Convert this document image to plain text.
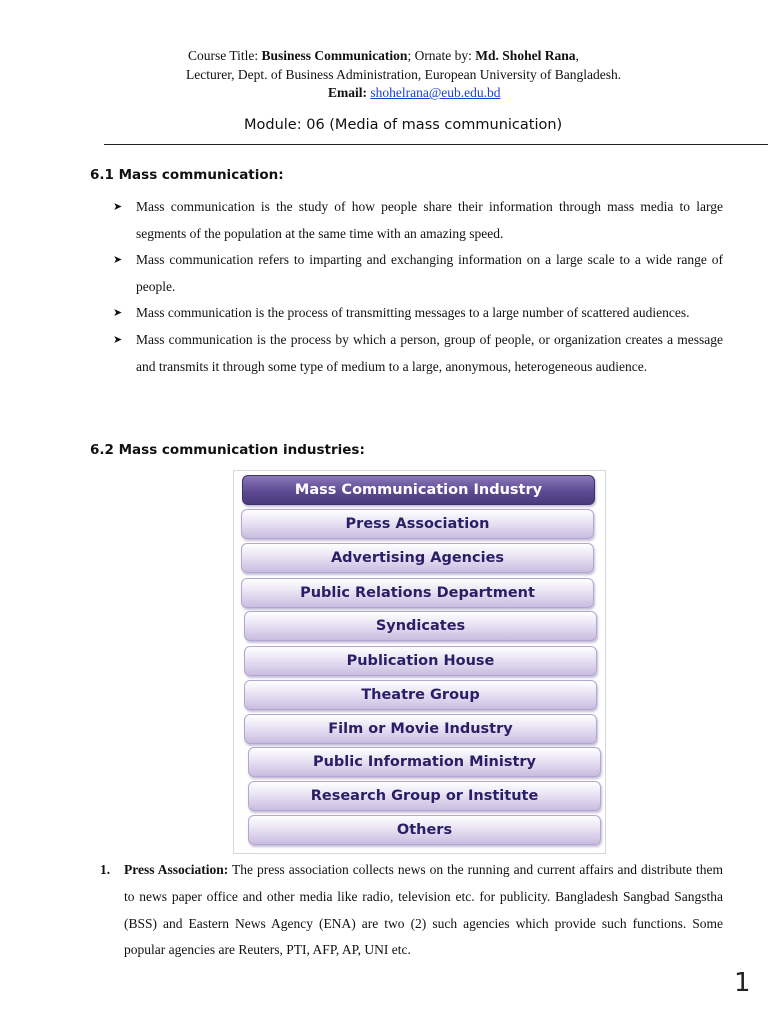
Course Title: Business Communication; Ornate by: Md. Shohel Rana,
Lecturer, Dept. of Business Administration, European University of Bangladesh.
Email: shohelrana@eub.edu.bd
Module: 06 (Media of mass communication)
6.1 Mass communication:
➤ Mass communication is the study of how people share their information through mass media to large segments of the population at the same time with an amazing speed.
➤ Mass communication refers to imparting and exchanging information on a large scale to a wide range of people.
➤ Mass communication is the process of transmitting messages to a large number of scattered audiences.
➤ Mass communication is the process by which a person, group of people, or organization creates a message and transmits it through some type of medium to a large, anonymous, heterogeneous audience.
6.2 Mass communication industries:
Mass Communication Industry
Press Association
Advertising Agencies
Public Relations Department
Syndicates
Publication House
Theatre Group
Film or Movie Industry
Public Information Ministry
Research Group or Institute
Others
1. Press Association: The press association collects news on the running and current affairs and distribute them to news paper office and other media like radio, television etc. for publicity. Bangladesh Sangbad Sangstha (BSS) and Eastern News Agency (ENA) are two (2) such agencies which provide such functions. Some popular agencies are Reuters, PTI, AFP, AP, UNI etc.
1
